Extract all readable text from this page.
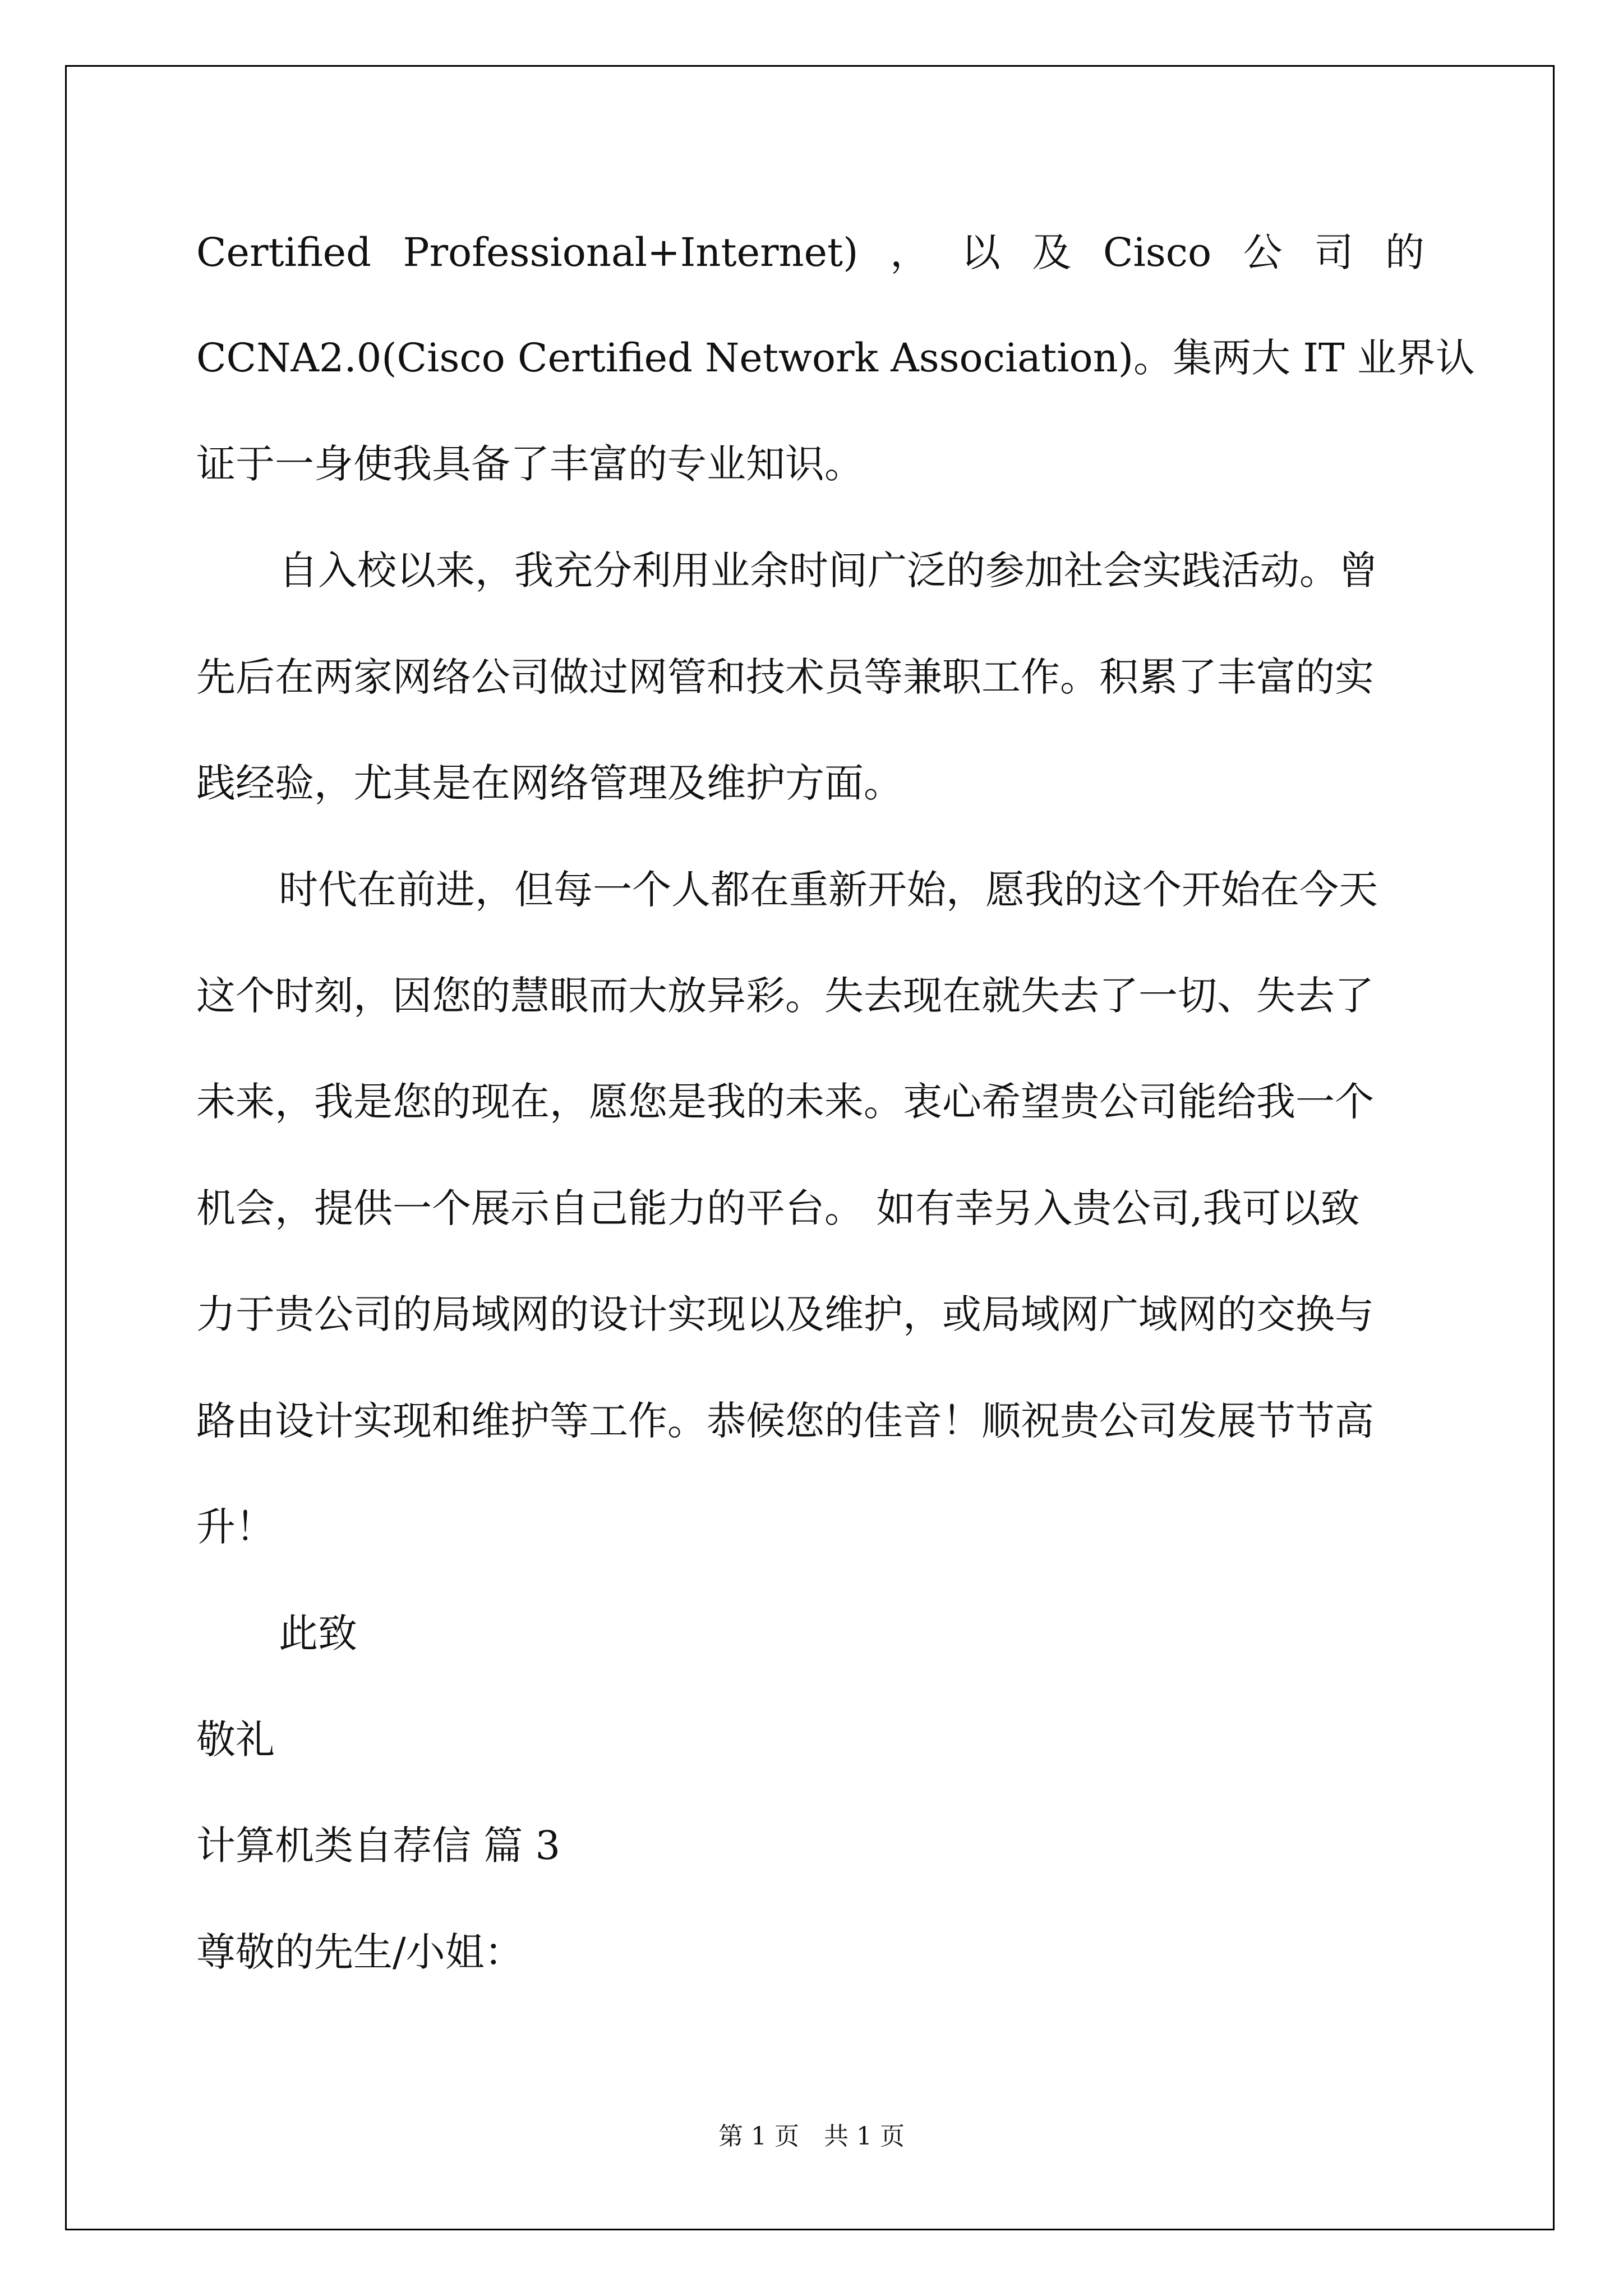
Certified Professional+Internet) ， 以 及 Cisco 公 司 的
CCNA2.0(Cisco Certified Network Association)。集两大 IT 业界认
证于一身使我具备了丰富的专业知识。
自入校以来，我充分利用业余时间广泛的参加社会实践活动。曾
先后在两家网络公司做过网管和技术员等兼职工作。积累了丰富的实
践经验，尤其是在网络管理及维护方面。
时代在前进，但每一个人都在重新开始，愿我的这个开始在今天
这个时刻，因您的慧眼而大放异彩。失去现在就失去了一切、失去了
未来，我是您的现在，愿您是我的未来。衷心希望贵公司能给我一个
机会，提供一个展示自己能力的平台。 如有幸另入贵公司,我可以致
力于贵公司的局域网的设计实现以及维护，或局域网广域网的交换与
路由设计实现和维护等工作。恭候您的佳音！顺祝贵公司发展节节高
升！
此致
敬礼
计算机类自荐信 篇 3
尊敬的先生/小姐：
第 1 页　共 1 页
